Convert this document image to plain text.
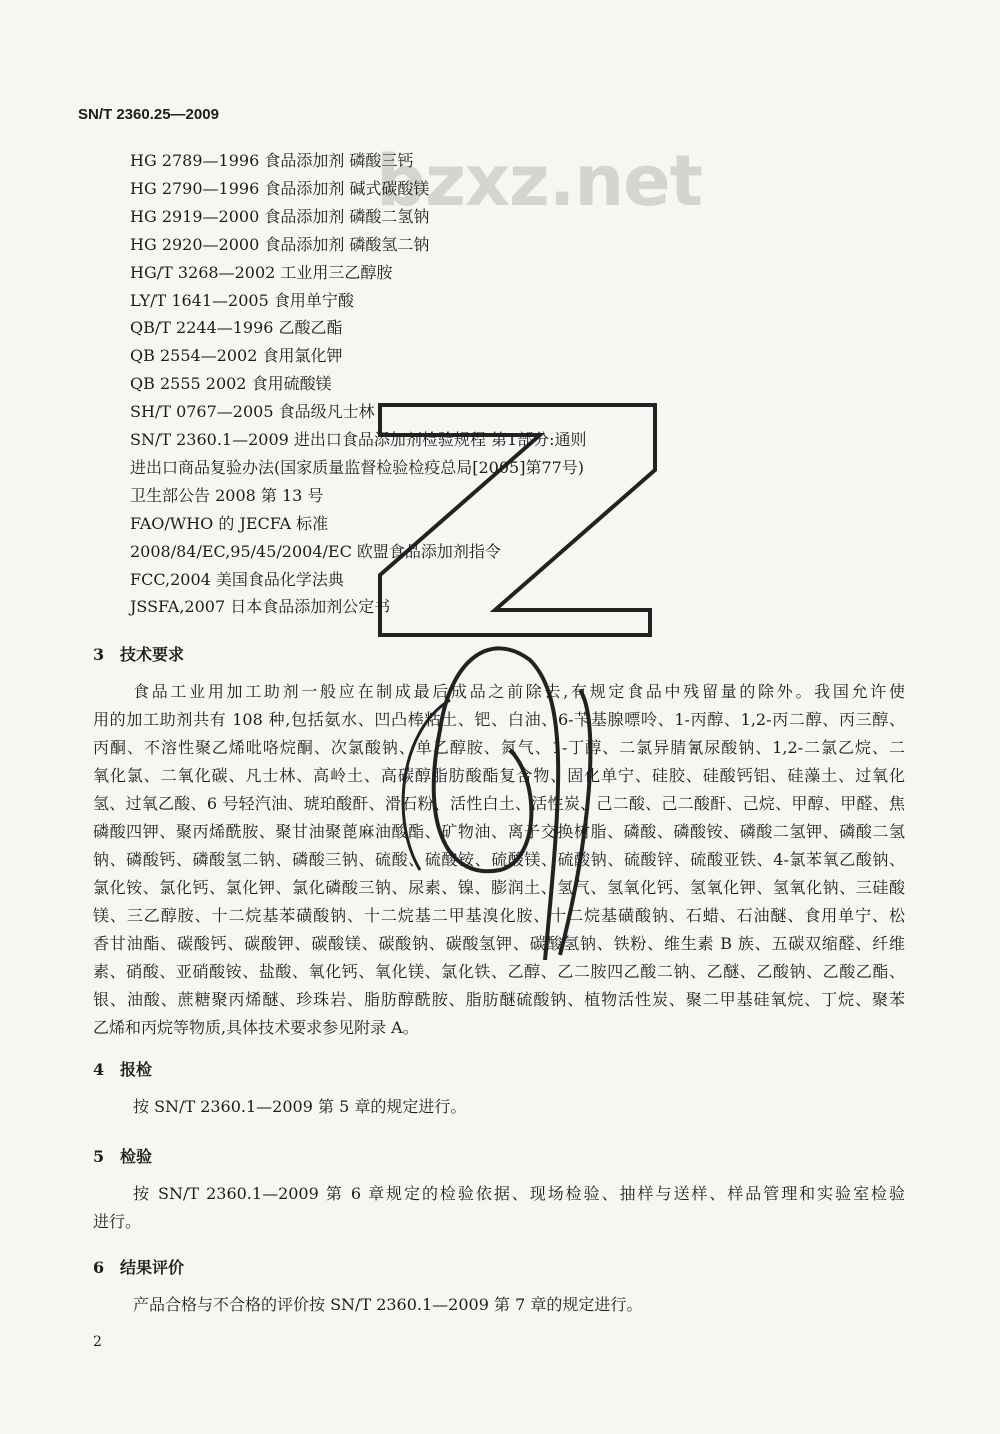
SN/T 2360.25—2009
bzxz.net
HG 2789—1996 食品添加剂 磷酸三钙
HG 2790—1996 食品添加剂 碱式碳酸镁
HG 2919—2000 食品添加剂 磷酸二氢钠
HG 2920—2000 食品添加剂 磷酸氢二钠
HG/T 3268—2002 工业用三乙醇胺
LY/T 1641—2005 食用单宁酸
QB/T 2244—1996 乙酸乙酯
QB 2554—2002 食用氯化钾
QB 2555 2002 食用硫酸镁
SH/T 0767—2005 食品级凡士林
SN/T 2360.1—2009 进出口食品添加剂检验规程 第1部分:通则
进出口商品复验办法(国家质量监督检验检疫总局[2005]第77号)
卫生部公告 2008 第 13 号
FAO/WHO 的 JECFA 标准
2008/84/EC,95/45/2004/EC 欧盟食品添加剂指令
FCC,2004 美国食品化学法典
JSSFA,2007 日本食品添加剂公定书
3 技术要求
食品工业用加工助剂一般应在制成最后成品之前除去,有规定食品中残留量的除外。我国允许使
用的加工助剂共有 108 种,包括氨水、凹凸棒粘土、钯、白油、6-苄基腺嘌呤、1-丙醇、1,2-丙二醇、丙三醇、
丙酮、不溶性聚乙烯吡咯烷酮、次氯酸钠、单乙醇胺、氮气、1-丁醇、二氯异腈氰尿酸钠、1,2-二氯乙烷、二
氧化氯、二氧化碳、凡士林、高岭土、高碳醇脂肪酸酯复合物、固化单宁、硅胶、硅酸钙铝、硅藻土、过氧化
氢、过氧乙酸、6 号轻汽油、琥珀酸酐、滑石粉、活性白土、活性炭、己二酸、己二酸酐、己烷、甲醇、甲醛、焦
磷酸四钾、聚丙烯酰胺、聚甘油聚蓖麻油酸酯、矿物油、离子交换树脂、磷酸、磷酸铵、磷酸二氢钾、磷酸二氢
钠、磷酸钙、磷酸氢二钠、磷酸三钠、硫酸、硫酸铵、硫酸镁、硫酸钠、硫酸锌、硫酸亚铁、4-氯苯氧乙酸钠、
氯化铵、氯化钙、氯化钾、氯化磷酸三钠、尿素、镍、膨润土、氢气、氢氧化钙、氢氧化钾、氢氧化钠、三硅酸
镁、三乙醇胺、十二烷基苯磺酸钠、十二烷基二甲基溴化胺、十二烷基磺酸钠、石蜡、石油醚、食用单宁、松
香甘油酯、碳酸钙、碳酸钾、碳酸镁、碳酸钠、碳酸氢钾、碳酸氢钠、铁粉、维生素 B 族、五碳双缩醛、纤维
素、硝酸、亚硝酸铵、盐酸、氧化钙、氧化镁、氯化铁、乙醇、乙二胺四乙酸二钠、乙醚、乙酸钠、乙酸乙酯、
银、油酸、蔗糖聚丙烯醚、珍珠岩、脂肪醇酰胺、脂肪醚硫酸钠、植物活性炭、聚二甲基硅氧烷、丁烷、聚苯
乙烯和丙烷等物质,具体技术要求参见附录 A。
4 报检
按 SN/T 2360.1—2009 第 5 章的规定进行。
5 检验
按 SN/T 2360.1—2009 第 6 章规定的检验依据、现场检验、抽样与送样、样品管理和实验室检验
进行。
6 结果评价
产品合格与不合格的评价按 SN/T 2360.1—2009 第 7 章的规定进行。
2
